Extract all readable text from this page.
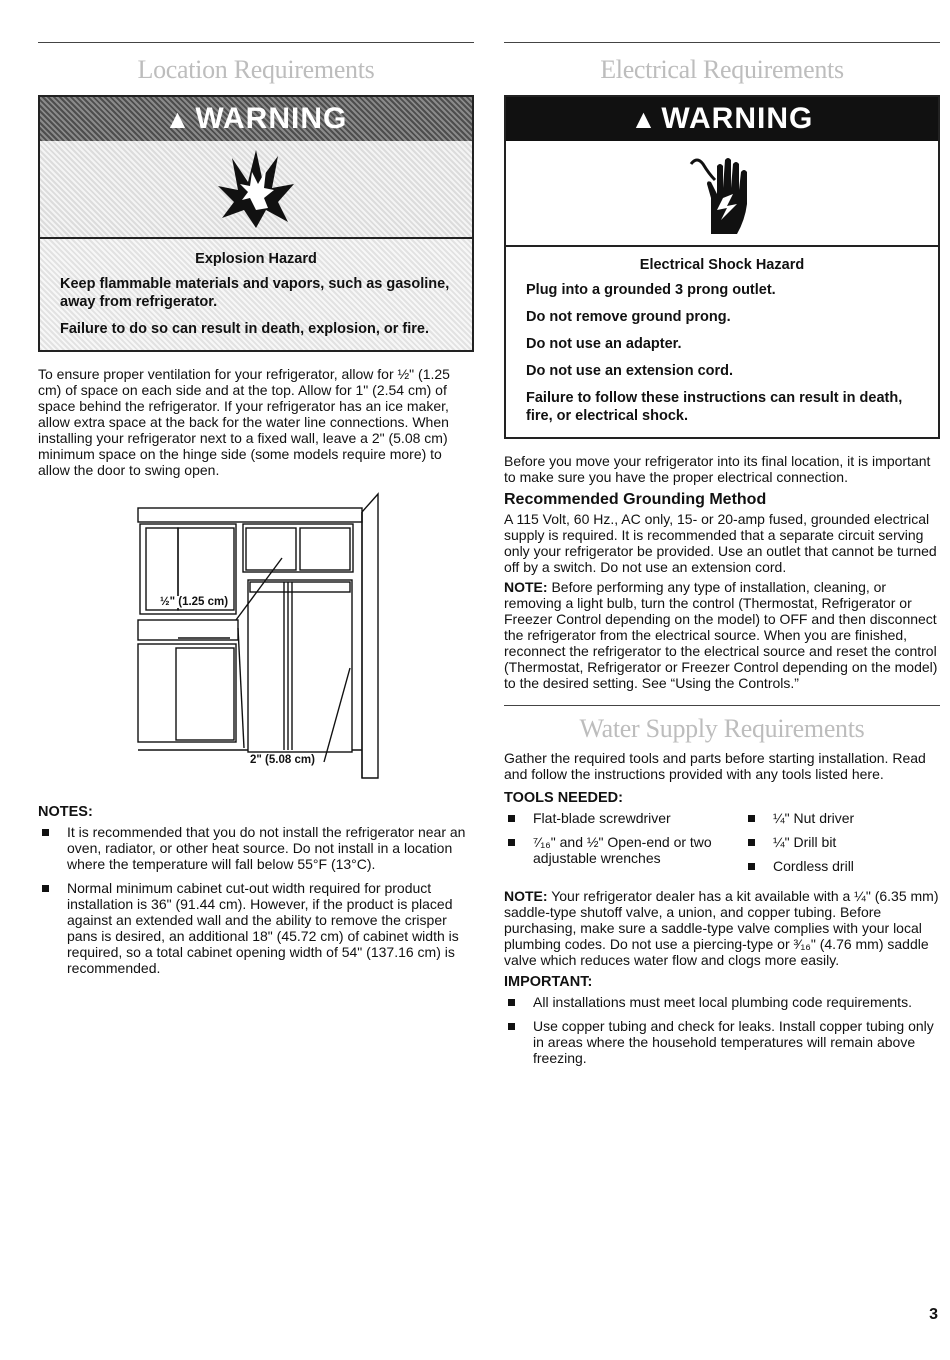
Location Requirements
▲ WARNING
Explosion Hazard
Keep flammable materials and vapors, such as gasoline, away from refrigerator.
Failure to do so can result in death, explosion, or fire.

To ensure proper ventilation for your refrigerator, allow for ½" (1.25 cm) of space on each side and at the top. Allow for 1" (2.54 cm) of space behind the refrigerator. If your refrigerator has an ice maker, allow extra space at the back for the water line connections. When installing your refrigerator next to a fixed wall, leave a 2" (5.08 cm) minimum space on the hinge side (some models require more) to allow the door to swing open.

½" (1.25 cm)
2" (5.08 cm)
NOTES:
It is recommended that you do not install the refrigerator near an oven, radiator, or other heat source. Do not install in a location where the temperature will fall below 55°F (13°C).
Normal minimum cabinet cut-out width required for product installation is 36" (91.44 cm). However, if the product is placed against an extended wall and the ability to remove the crisper pans is desired, an additional 18" (45.72 cm) of cabinet width is required, so a total cabinet opening width of 54" (137.16 cm) is recommended.
Electrical Requirements
▲ WARNING
Electrical Shock Hazard
Plug into a grounded 3 prong outlet.
Do not remove ground prong.
Do not use an adapter.
Do not use an extension cord.
Failure to follow these instructions can result in death, fire, or electrical shock.

Before you move your refrigerator into its final location, it is important to make sure you have the proper electrical connection.

Recommended Grounding Method

A 115 Volt, 60 Hz., AC only, 15- or 20-amp fused, grounded electrical supply is required. It is recommended that a separate circuit serving only your refrigerator be provided. Use an outlet that cannot be turned off by a switch. Do not use an extension cord.

NOTE: Before performing any type of installation, cleaning, or removing a light bulb, turn the control (Thermostat, Refrigerator or Freezer Control depending on the model) to OFF and then disconnect the refrigerator from the electrical source. When you are finished, reconnect the refrigerator to the electrical source and reset the control (Thermostat, Refrigerator or Freezer Control depending on the model) to the desired setting. See “Using the Controls.”

Water Supply Requirements

Gather the required tools and parts before starting installation. Read and follow the instructions provided with any tools listed here.

TOOLS NEEDED:
Flat-blade screwdriver
⁷⁄₁₆" and ½" Open-end or two adjustable wrenches
¼" Nut driver
¼" Drill bit
Cordless drill

NOTE: Your refrigerator dealer has a kit available with a ¼" (6.35 mm) saddle-type shutoff valve, a union, and copper tubing. Before purchasing, make sure a saddle-type valve complies with your local plumbing codes. Do not use a piercing-type or ³⁄₁₆" (4.76 mm) saddle valve which reduces water flow and clogs more easily.

IMPORTANT:
All installations must meet local plumbing code requirements.
Use copper tubing and check for leaks. Install copper tubing only in areas where the household temperatures will remain above freezing.
3
